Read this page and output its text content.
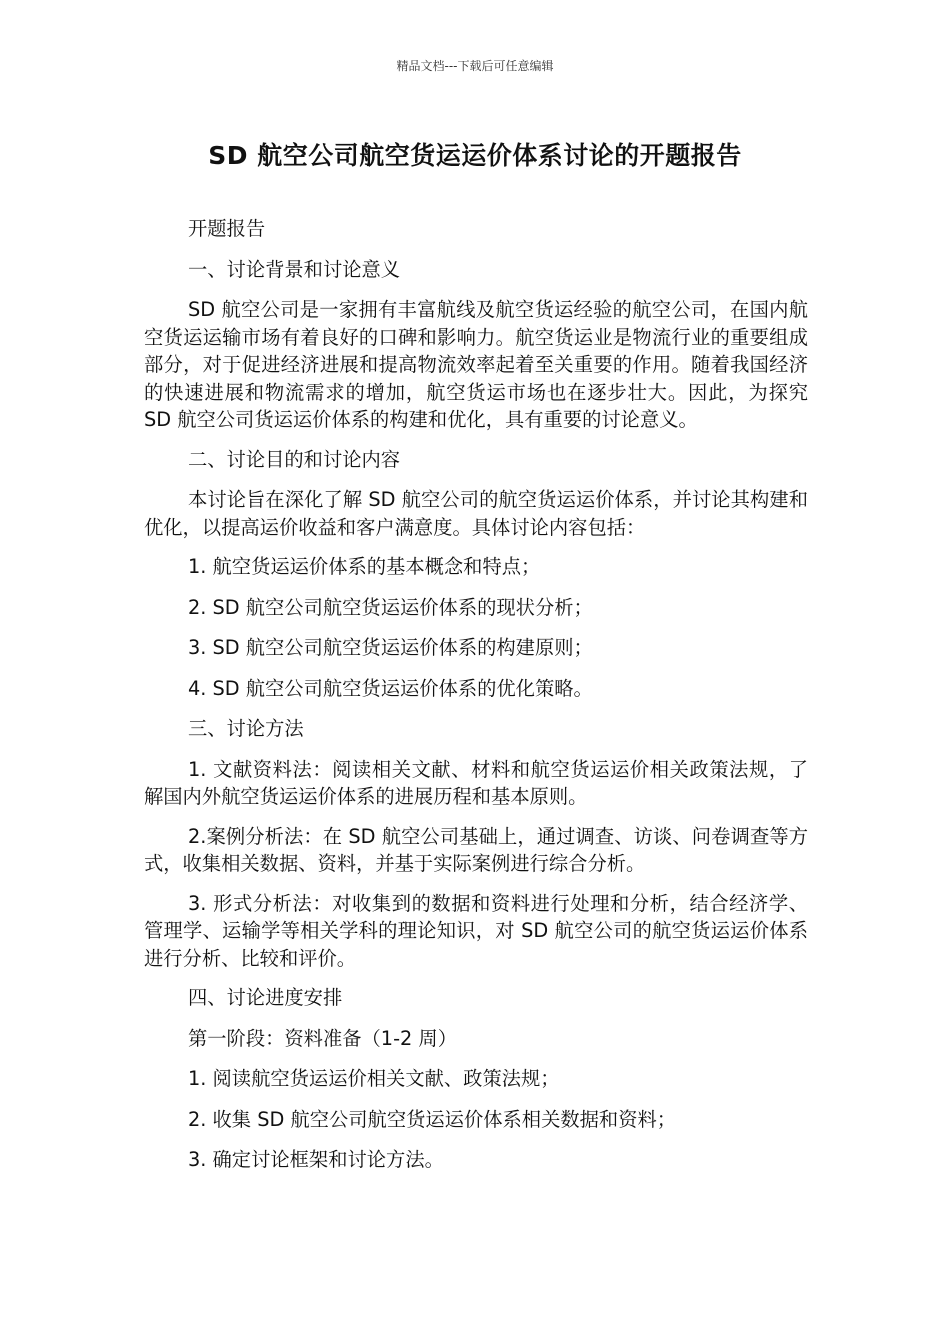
精品文档---下载后可任意编辑
SD 航空公司航空货运运价体系讨论的开题报告

开题报告

一、讨论背景和讨论意义

SD 航空公司是一家拥有丰富航线及航空货运经验的航空公司，在国内航空货运运输市场有着良好的口碑和影响力。航空货运业是物流行业的重要组成部分，对于促进经济进展和提高物流效率起着至关重要的作用。随着我国经济的快速进展和物流需求的增加，航空货运市场也在逐步壮大。因此，为探究 SD 航空公司货运运价体系的构建和优化，具有重要的讨论意义。

二、讨论目的和讨论内容

本讨论旨在深化了解 SD 航空公司的航空货运运价体系，并讨论其构建和优化，以提高运价收益和客户满意度。具体讨论内容包括：

1. 航空货运运价体系的基本概念和特点；

2. SD 航空公司航空货运运价体系的现状分析；

3. SD 航空公司航空货运运价体系的构建原则；

4. SD 航空公司航空货运运价体系的优化策略。

三、讨论方法

1. 文献资料法：阅读相关文献、材料和航空货运运价相关政策法规，了解国内外航空货运运价体系的进展历程和基本原则。

2.案例分析法：在 SD 航空公司基础上，通过调查、访谈、问卷调查等方式，收集相关数据、资料，并基于实际案例进行综合分析。

3. 形式分析法：对收集到的数据和资料进行处理和分析，结合经济学、管理学、运输学等相关学科的理论知识，对 SD 航空公司的航空货运运价体系进行分析、比较和评价。

四、讨论进度安排

第一阶段：资料准备（1-2 周）

1. 阅读航空货运运价相关文献、政策法规；

2. 收集 SD 航空公司航空货运运价体系相关数据和资料；

3. 确定讨论框架和讨论方法。
